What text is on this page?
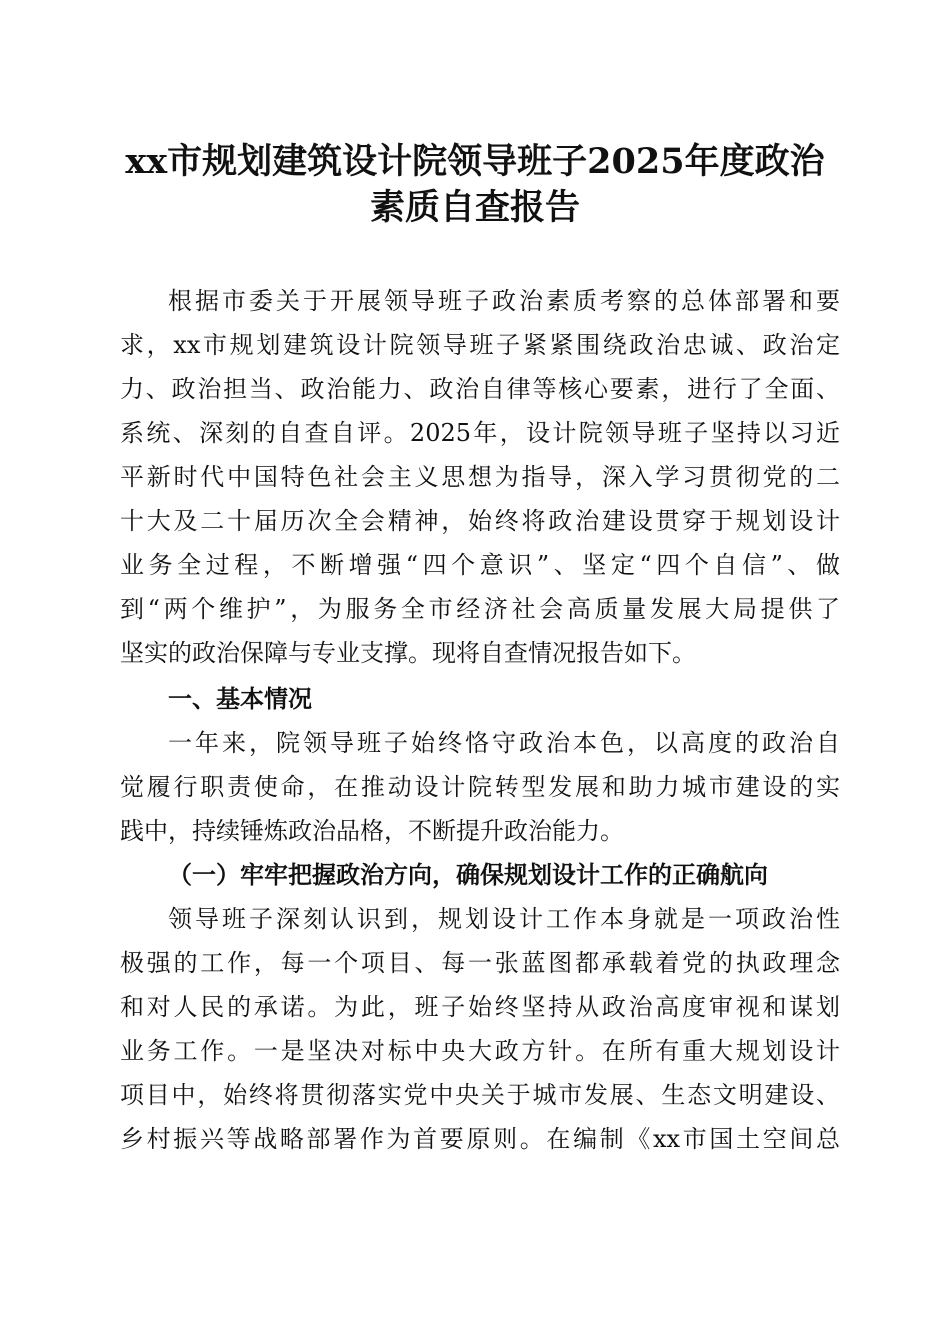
xx市规划建筑设计院领导班子2025年度政治
素质自查报告
根据市委关于开展领导班子政治素质考察的总体部署和要
求，xx市规划建筑设计院领导班子紧紧围绕政治忠诚、政治定
力、政治担当、政治能力、政治自律等核心要素，进行了全面、
系统、深刻的自查自评。2025年，设计院领导班子坚持以习近
平新时代中国特色社会主义思想为指导，深入学习贯彻党的二
十大及二十届历次全会精神，始终将政治建设贯穿于规划设计
业务全过程，不断增强“四个意识”、坚定“四个自信”、做
到“两个维护”，为服务全市经济社会高质量发展大局提供了
坚实的政治保障与专业支撑。现将自查情况报告如下。
一、基本情况
一年来，院领导班子始终恪守政治本色，以高度的政治自
觉履行职责使命，在推动设计院转型发展和助力城市建设的实
践中，持续锤炼政治品格，不断提升政治能力。
（一）牢牢把握政治方向，确保规划设计工作的正确航向
领导班子深刻认识到，规划设计工作本身就是一项政治性
极强的工作，每一个项目、每一张蓝图都承载着党的执政理念
和对人民的承诺。为此，班子始终坚持从政治高度审视和谋划
业务工作。一是坚决对标中央大政方针。在所有重大规划设计
项目中，始终将贯彻落实党中央关于城市发展、生态文明建设、
乡村振兴等战略部署作为首要原则。在编制《xx市国土空间总
